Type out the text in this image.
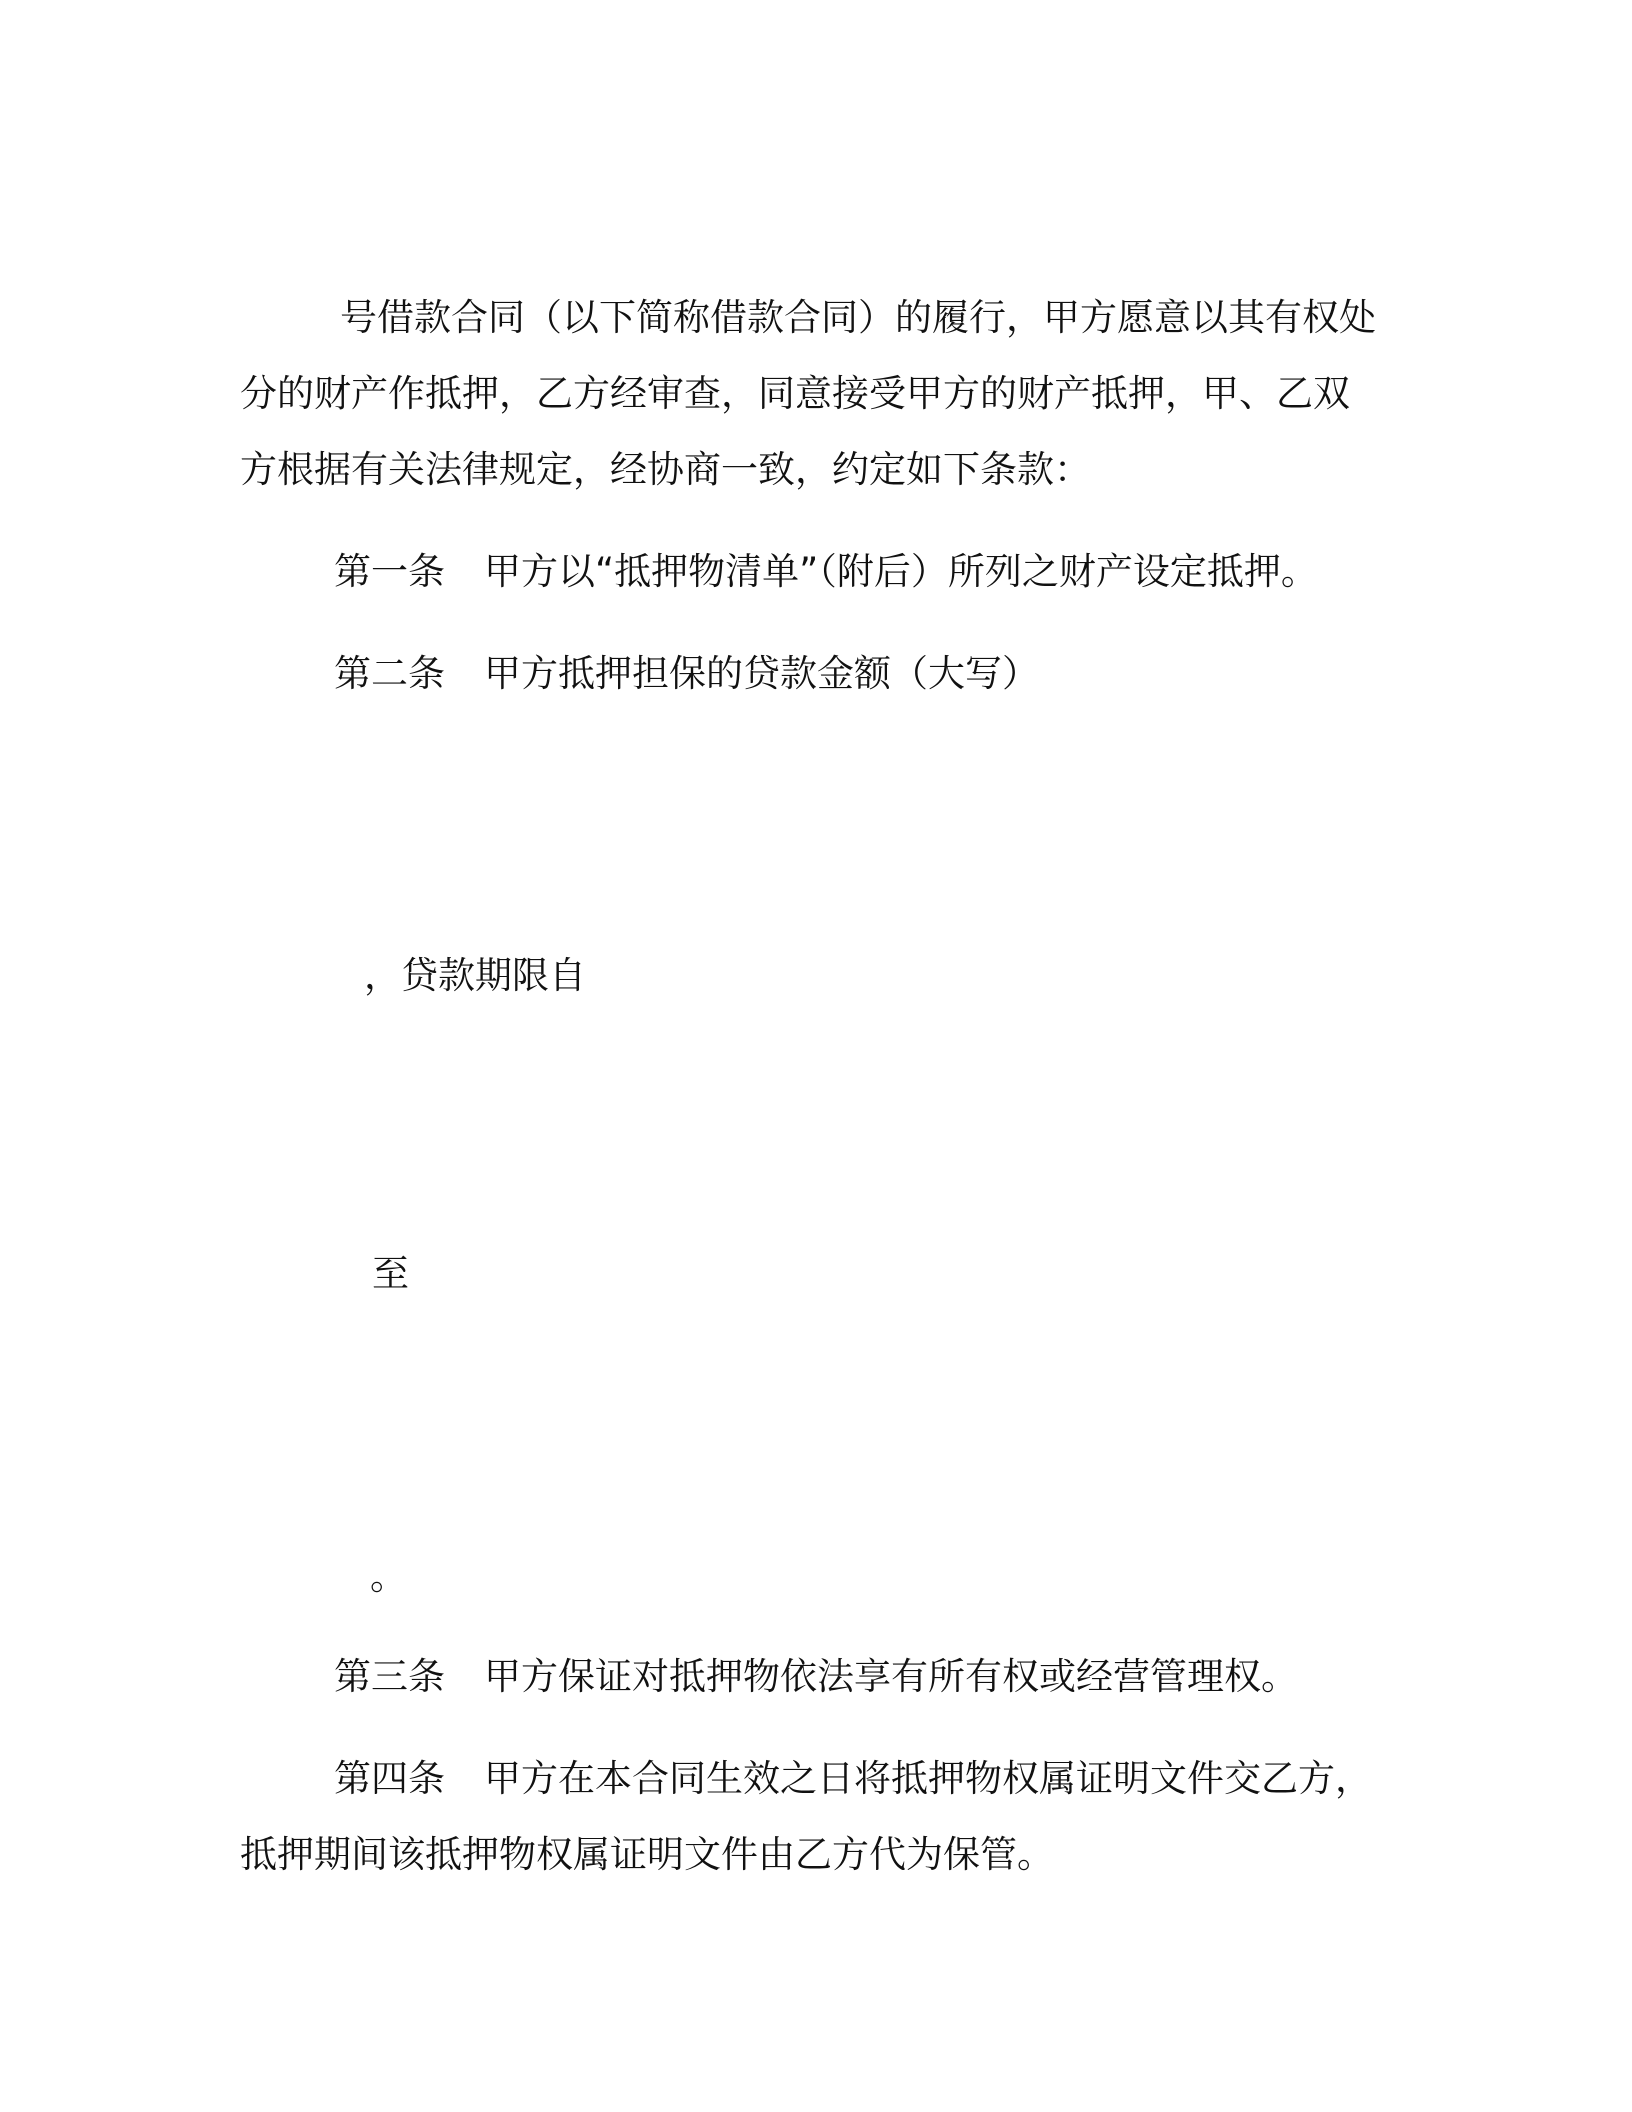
号借款合同（以下简称借款合同）的履行，甲方愿意以其有权处

分的财产作抵押，乙方经审查，同意接受甲方的财产抵押，甲、乙双

方根据有关法律规定，经协商一致，约定如下条款：

第一条 甲方以“抵押物清单”（附后）所列之财产设定抵押。

第二条 甲方抵押担保的贷款金额（大写）

，贷款期限自

至

。

第三条 甲方保证对抵押物依法享有所有权或经营管理权。

第四条 甲方在本合同生效之日将抵押物权属证明文件交乙方，

抵押期间该抵押物权属证明文件由乙方代为保管。
